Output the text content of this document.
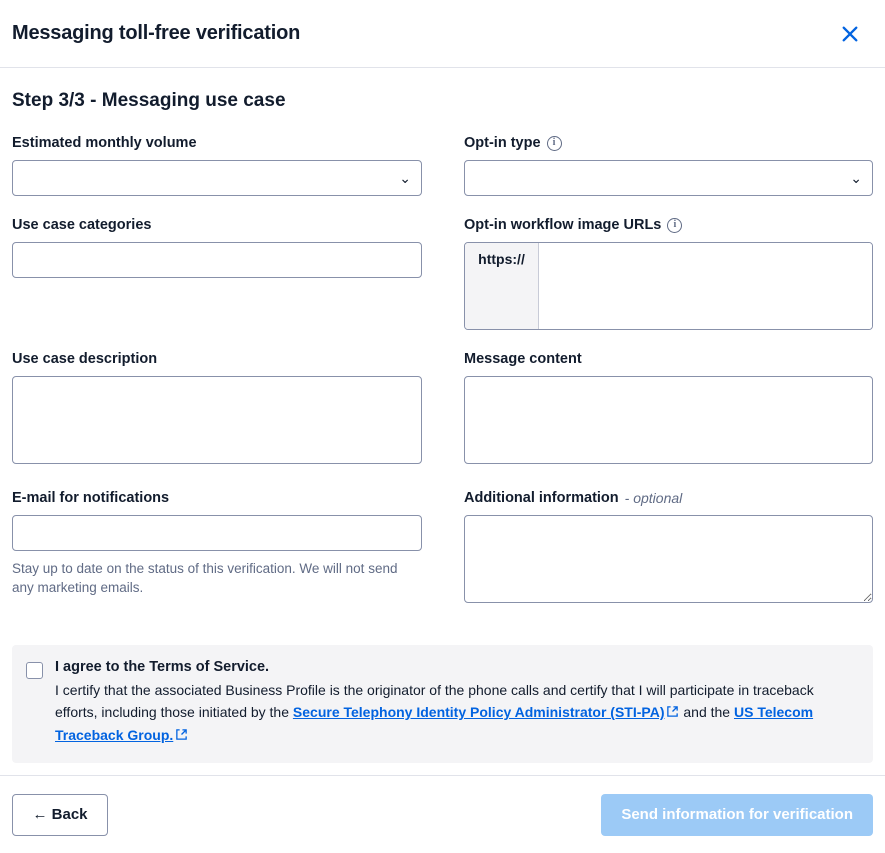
Messaging toll-free verification
Step 3/3 - Messaging use case
Estimated monthly volume
⌄
Opt-in type	i
⌄
Use case categories	Opt-in workflow image URLs	i
https://
Use case description	Message content
E-mail for notifications
Stay up to date on the status of this verification. We will not send any marketing emails.
Additional information - optional
I agree to the Terms of Service.
I certify that the associated Business Profile is the originator of the phone calls and certify that I will participate in traceback efforts, including those initiated by the Secure Telephony Identity Policy Administrator (STI-PA) and the US Telecom Traceback Group.
← Back	Send information for verification
